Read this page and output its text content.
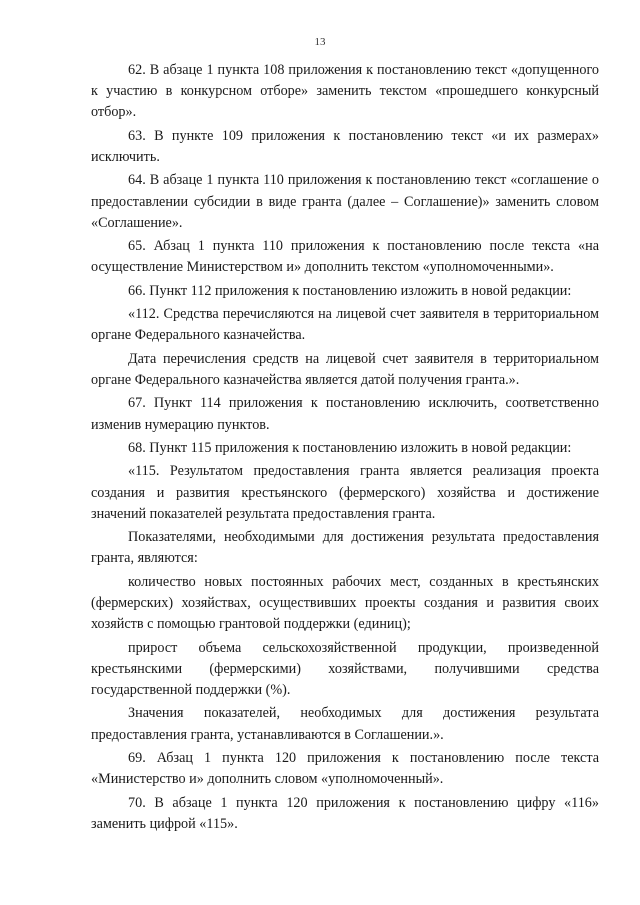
13

62. В абзаце 1 пункта 108 приложения к постановлению текст «допущенного к участию в конкурсном отборе» заменить текстом «прошедшего конкурсный отбор».

63. В пункте 109 приложения к постановлению текст «и их размерах» исключить.

64. В абзаце 1 пункта 110 приложения к постановлению текст «соглашение о предоставлении субсидии в виде гранта (далее – Соглашение)» заменить словом «Соглашение».

65. Абзац 1 пункта 110 приложения к постановлению после текста «на осуществление Министерством и» дополнить текстом «уполномоченными».

66. Пункт 112 приложения к постановлению изложить в новой редакции:

«112. Средства перечисляются на лицевой счет заявителя в территориальном органе Федерального казначейства.

Дата перечисления средств на лицевой счет заявителя в территориальном органе Федерального казначейства является датой получения гранта.».

67. Пункт 114 приложения к постановлению исключить, соответственно изменив нумерацию пунктов.

68. Пункт 115 приложения к постановлению изложить в новой редакции:

«115. Результатом предоставления гранта является реализация проекта создания и развития крестьянского (фермерского) хозяйства и достижение значений показателей результата предоставления гранта.

Показателями, необходимыми для достижения результата предоставления гранта, являются:

количество новых постоянных рабочих мест, созданных в крестьянских (фермерских) хозяйствах, осуществивших проекты создания и развития своих хозяйств с помощью грантовой поддержки (единиц);

прирост объема сельскохозяйственной продукции, произведенной крестьянскими (фермерскими) хозяйствами, получившими средства государственной поддержки (%).

Значения показателей, необходимых для достижения результата предоставления гранта, устанавливаются в Соглашении.».

69. Абзац 1 пункта 120 приложения к постановлению после текста «Министерство и» дополнить словом «уполномоченный».

70. В абзаце 1 пункта 120 приложения к постановлению цифру «116» заменить цифрой «115».
